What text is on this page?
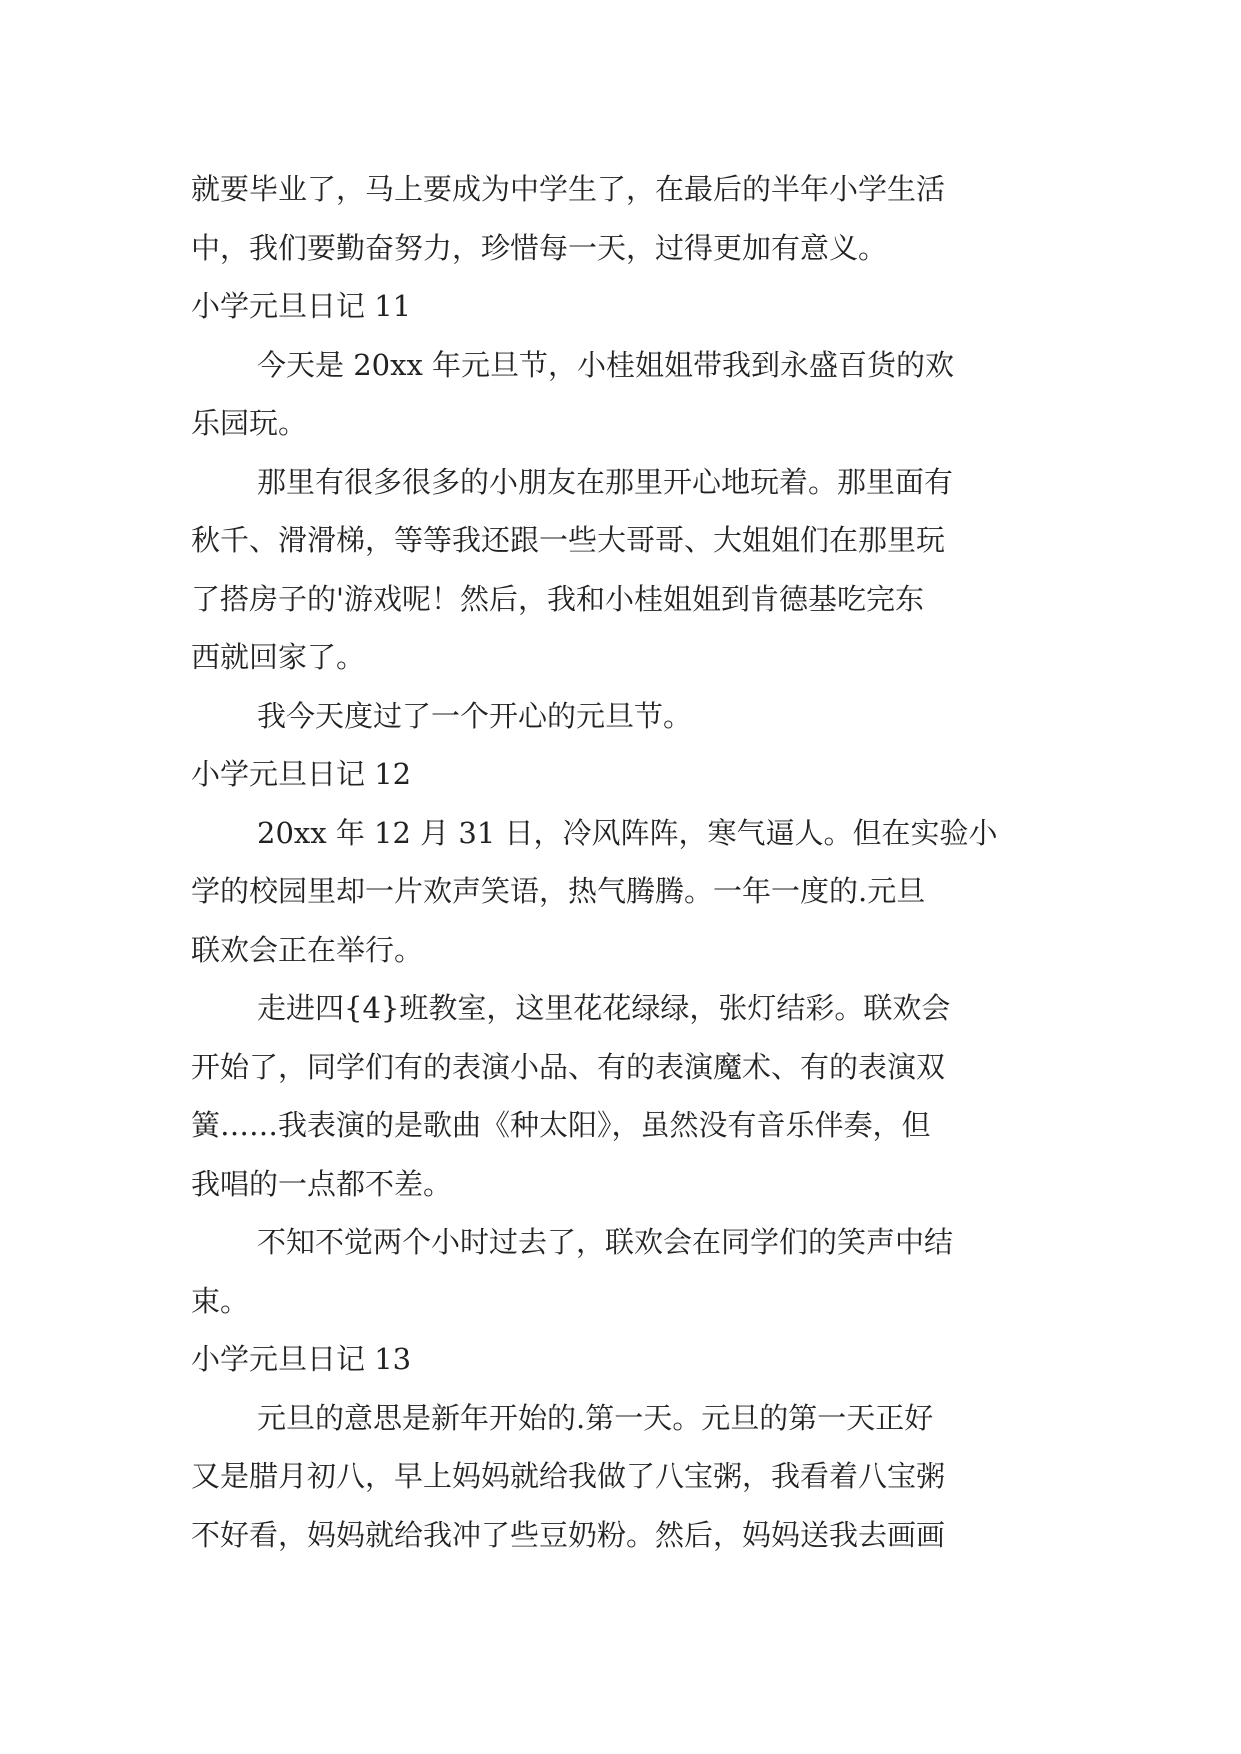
就要毕业了，马上要成为中学生了，在最后的半年小学生活
中，我们要勤奋努力，珍惜每一天，过得更加有意义。
小学元旦日记 11
今天是 20xx 年元旦节，小桂姐姐带我到永盛百货的欢
乐园玩。
那里有很多很多的小朋友在那里开心地玩着。那里面有
秋千、滑滑梯，等等我还跟一些大哥哥、大姐姐们在那里玩
了搭房子的'游戏呢！然后，我和小桂姐姐到肯德基吃完东
西就回家了。
我今天度过了一个开心的元旦节。
小学元旦日记 12
20xx 年 12 月 31 日，冷风阵阵，寒气逼人。但在实验小
学的校园里却一片欢声笑语，热气腾腾。一年一度的.元旦
联欢会正在举行。
走进四{4}班教室，这里花花绿绿，张灯结彩。联欢会
开始了，同学们有的表演小品、有的表演魔术、有的表演双
簧……我表演的是歌曲《种太阳》，虽然没有音乐伴奏，但
我唱的一点都不差。
不知不觉两个小时过去了，联欢会在同学们的笑声中结
束。
小学元旦日记 13
元旦的意思是新年开始的.第一天。元旦的第一天正好
又是腊月初八，早上妈妈就给我做了八宝粥，我看着八宝粥
不好看，妈妈就给我冲了些豆奶粉。然后，妈妈送我去画画
